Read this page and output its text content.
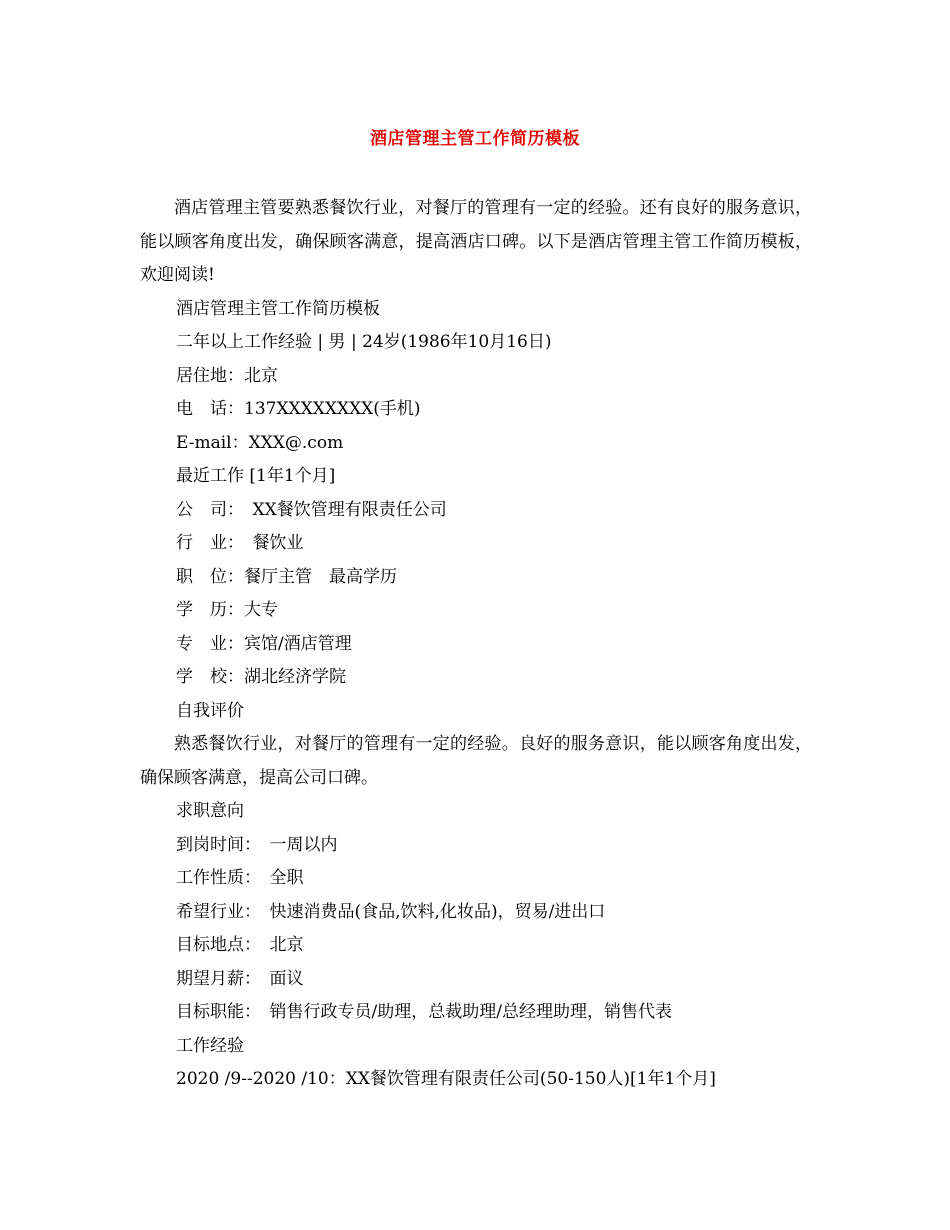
酒店管理主管工作简历模板

酒店管理主管要熟悉餐饮行业，对餐厅的管理有一定的经验。还有良好的服务意识，能以顾客角度出发，确保顾客满意，提高酒店口碑。以下是酒店管理主管工作简历模板，欢迎阅读!

酒店管理主管工作简历模板

二年以上工作经验 | 男 | 24岁(1986年10月16日)

居住地：北京

电　话：137XXXXXXXX(手机)

E-mail：XXX@.com

最近工作 [1年1个月]

公　司：　XX餐饮管理有限责任公司

行　业：　餐饮业

职　位：餐厅主管　最高学历

学　历：大专

专　业：宾馆/酒店管理

学　校：湖北经济学院

自我评价

熟悉餐饮行业，对餐厅的管理有一定的经验。良好的服务意识，能以顾客角度出发，确保顾客满意，提高公司口碑。

求职意向

到岗时间：　一周以内

工作性质：　全职

希望行业：　快速消费品(食品,饮料,化妆品)，贸易/进出口

目标地点：　北京

期望月薪：　面议

目标职能：　销售行政专员/助理，总裁助理/总经理助理，销售代表

工作经验

2020 /9--2020 /10：XX餐饮管理有限责任公司(50-150人)[1年1个月]
